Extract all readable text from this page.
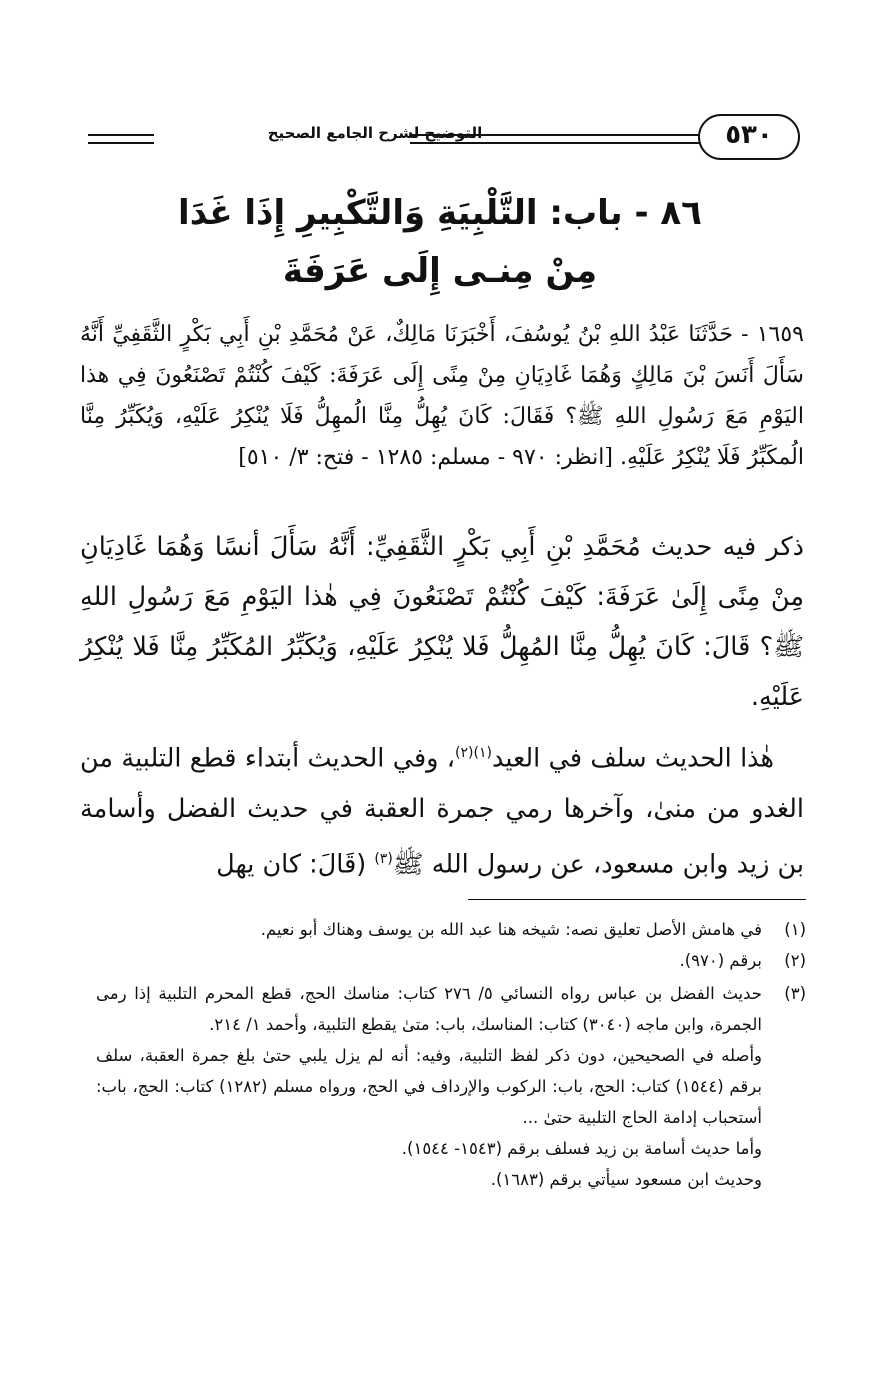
التوضيح لشرح الجامع الصحيح	٥٣٠
٨٦ - باب: التَّلْبِيَةِ وَالتَّكْبِيرِ إِذَا غَدَا
مِنْ مِنـى إِلَى عَرَفَةَ
١٦٥٩ - حَدَّثَنَا عَبْدُ اللهِ بْنُ يُوسُفَ، أَخْبَرَنَا مَالِكٌ، عَنْ مُحَمَّدِ بْنِ أَبِي بَكْرٍ الثَّقَفِيِّ أَنَّهُ سَأَلَ أَنَسَ بْنَ مَالِكٍ وَهُمَا غَادِيَانِ مِنْ مِنًى إِلَى عَرَفَةَ: كَيْفَ كُنْتُمْ تَصْنَعُونَ فِي هذا اليَوْمِ مَعَ رَسُولِ اللهِ ﷺ؟ فَقَالَ: كَانَ يُهِلُّ مِنَّا الُمهِلُّ فَلَا يُنْكِرُ عَلَيْهِ، وَيُكَبِّرُ مِنَّا الُمكَبِّرُ فَلَا يُنْكِرُ عَلَيْهِ. [انظر: ٩٧٠ - مسلم: ١٢٨٥ - فتح: ٣/ ٥١٠]

ذكر فيه حديث مُحَمَّدِ بْنِ أَبِي بَكْرٍ الثَّقَفِيِّ: أَنَّهُ سَأَلَ أنسًا وَهُمَا غَادِيَانِ مِنْ مِنًى إِلَىٰ عَرَفَةَ: كَيْفَ كُنْتُمْ تَصْنَعُونَ فِي هٰذا اليَوْمِ مَعَ رَسُولِ اللهِ ﷺ؟ قَالَ: كَانَ يُهِلُّ مِنَّا المُهِلُّ فَلا يُنْكِرُ عَلَيْهِ، وَيُكَبِّرُ المُكَبِّرُ مِنَّا فَلا يُنْكِرُ عَلَيْهِ.

هٰذا الحديث سلف في العيد$^{(١)(٢)}$، وفي الحديث أبتداء قطع التلبية من الغدو من منىٰ، وآخرها رمي جمرة العقبة في حديث الفضل وأسامة بن زيد وابن مسعود، عن رسول الله ﷺ$^{(٣)}$ (قَالَ: كان يهل

(١)
في هامش الأصل تعليق نصه: شيخه هنا عبد الله بن يوسف وهناك أبو نعيم.
(٢)
برقم (٩٧٠).
(٣)
حديث الفضل بن عباس رواه النسائي ٥/ ٢٧٦ كتاب: مناسك الحج، قطع المحرم التلبية إذا رمى الجمرة، وابن ماجه (٣٠٤٠) كتاب: المناسك، باب: متىٰ يقطع التلبية، وأحمد ١/ ٢١٤.
وأصله في الصحيحين، دون ذكر لفظ التلبية، وفيه: أنه لم يزل يلبي حتىٰ بلغ جمرة العقبة، سلف برقم (١٥٤٤) كتاب: الحج، باب: الركوب والإرداف في الحج، ورواه مسلم (١٢٨٢) كتاب: الحج، باب: أستحباب إدامة الحاج التلبية حتىٰ ...
وأما حديث أسامة بن زيد فسلف برقم (١٥٤٣- ١٥٤٤).
وحديث ابن مسعود سيأتي برقم (١٦٨٣).
